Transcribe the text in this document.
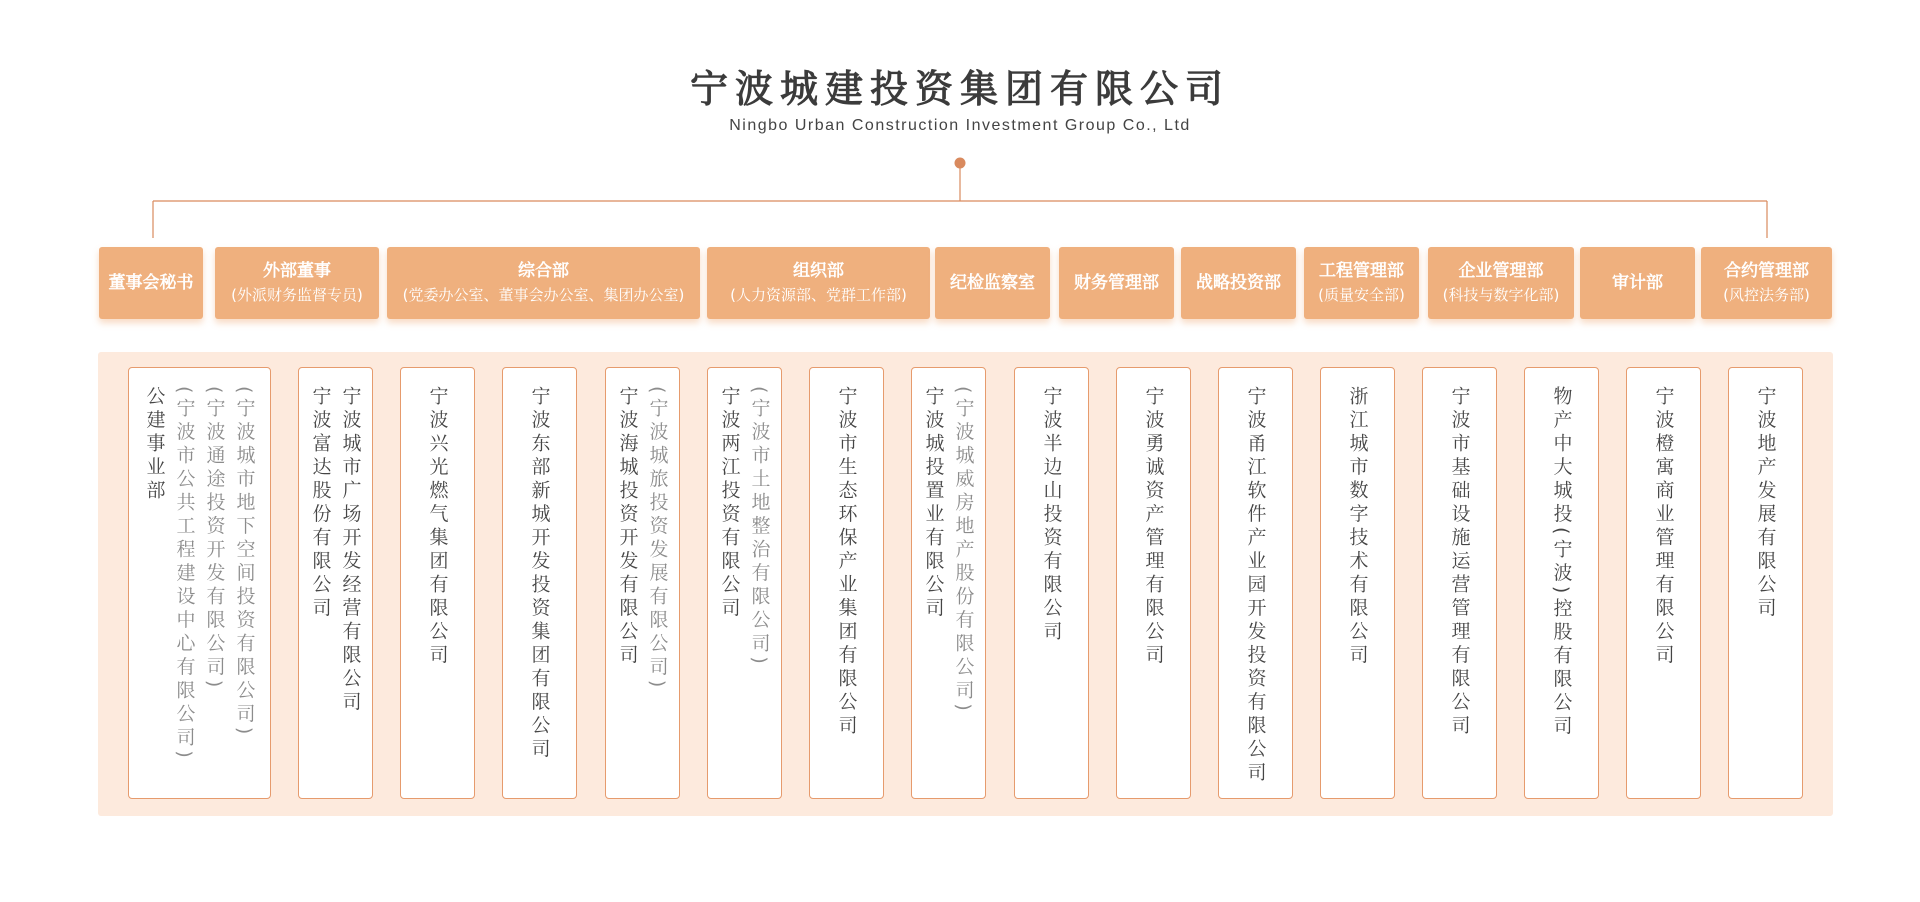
宁波城建投资集团有限公司
Ningbo Urban Construction Investment Group Co., Ltd
董事会秘书
外部董事
(外派财务监督专员)
综合部
(党委办公室、董事会办公室、集团办公室)
组织部
(人力资源部、党群工作部)
纪检监察室 财务管理部 战略投资部
工程管理部
(质量安全部)
企业管理部
(科技与数字化部)
审计部
合约管理部
(风控法务部)
(宁波城市地下空间投资有限公司)
(宁波通途投资开发有限公司)
(宁波市公共工程建设中心有限公司)
公建事业部	宁波城市广场开发经营有限公司
宁波富达股份有限公司	宁波兴光燃气集团有限公司	宁波东部新城开发投资集团有限公司	(宁波城旅投资发展有限公司)
宁波海城投资开发有限公司	(宁波市土地整治有限公司)
宁波两江投资有限公司	宁波市生态环保产业集团有限公司	(宁波城威房地产股份有限公司)
宁波城投置业有限公司	宁波半边山投资有限公司	宁波勇诚资产管理有限公司	宁波甬江软件产业园开发投资有限公司	浙江城市数字技术有限公司	宁波市基础设施运营管理有限公司	物产中大城投(宁波)控股有限公司	宁波橙寓商业管理有限公司	宁波地产发展有限公司
